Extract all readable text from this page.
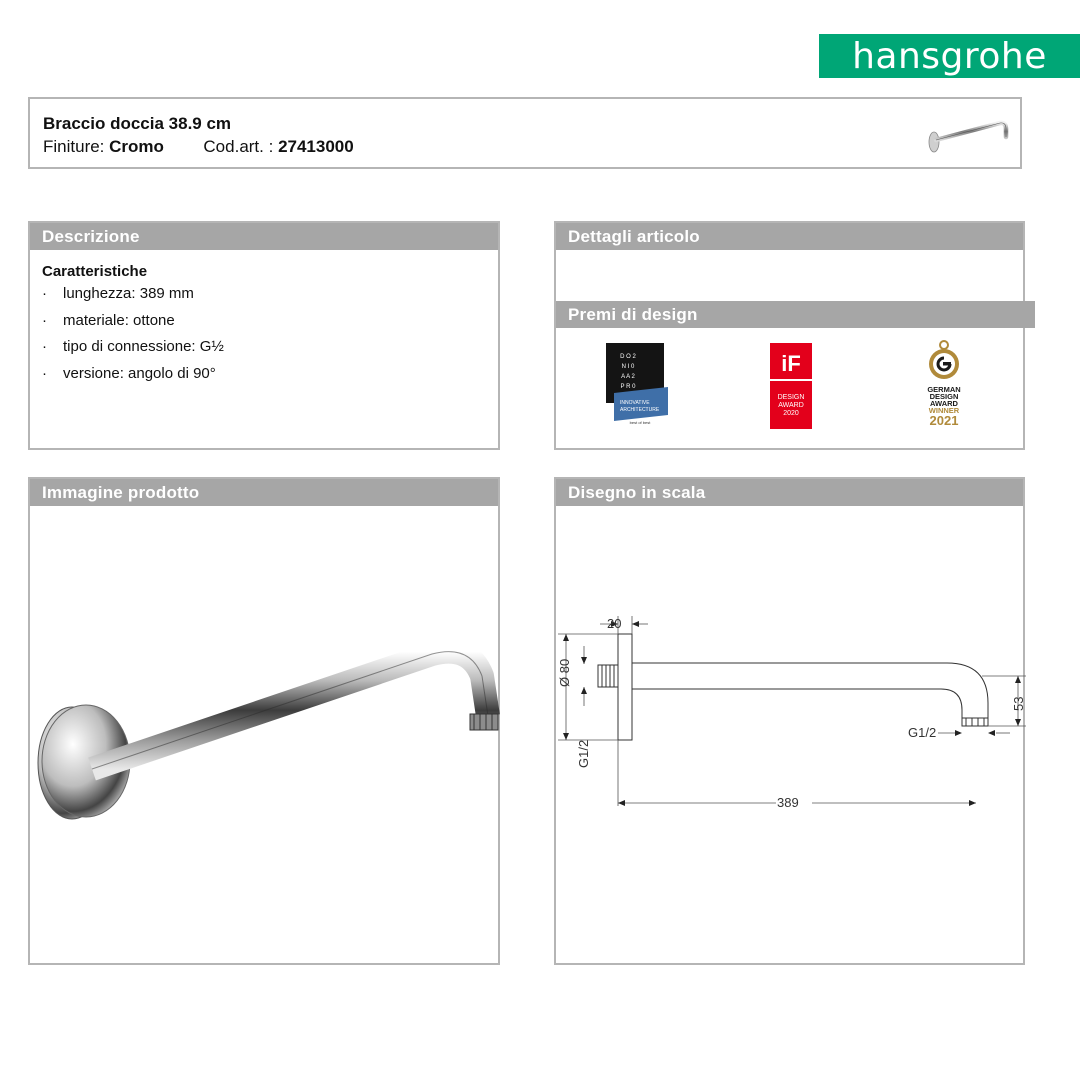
hansgrohe
Braccio doccia 38.9 cm
Finiture: Cromo Cod.art. : 27413000
Descrizione
Caratteristiche
·	lunghezza: 389 mm
·	materiale: ottone
·	tipo di connessione: G½
·	versione: angolo di 90°
Dettagli articolo
Premi di design
D O 2
N I 0
A A 2
P R 0
INNOVATIVE
ARCHITECTURE
best of best
iF
DESIGN
AWARD
2020
GERMAN
DESIGN
AWARD
WINNER
2021
Immagine prodotto	Disegno in scala
20
Ø 80
53
389
G1/2
G1/2
